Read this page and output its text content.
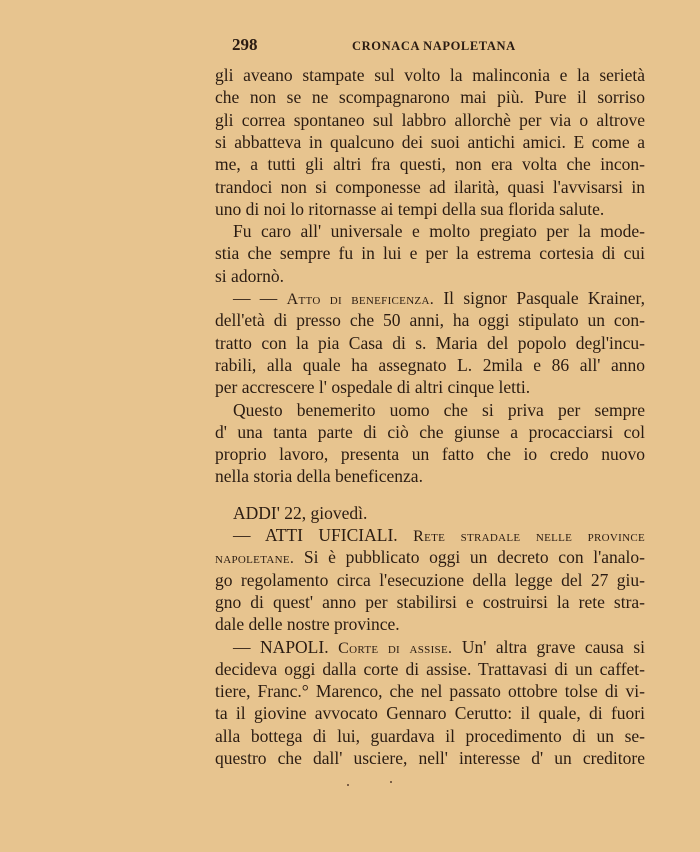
298	CRONACA NAPOLETANA
gli aveano stampate sul volto la malinconia e la serietà
che non se ne scompagnarono mai più. Pure il sorriso
gli correa spontaneo sul labbro allorchè per via o altrove
si abbatteva in qualcuno dei suoi antichi amici. E come a
me, a tutti gli altri fra questi, non era volta che incon-
trandoci non si componesse ad ilarità, quasi l'avvisarsi in
uno di noi lo ritornasse ai tempi della sua florida salute.
Fu caro all' universale e molto pregiato per la mode-
stia che sempre fu in lui e per la estrema cortesia di cui
si adornò.
— — Atto di beneficenza. Il signor Pasquale Krainer,
dell'età di presso che 50 anni, ha oggi stipulato un con-
tratto con la pia Casa di s. Maria del popolo degl'incu-
rabili, alla quale ha assegnato L. 2mila e 86 all' anno
per accrescere l' ospedale di altri cinque letti.
Questo benemerito uomo che si priva per sempre
d' una tanta parte di ciò che giunse a procacciarsi col
proprio lavoro, presenta un fatto che io credo nuovo
nella storia della beneficenza.
ADDI' 22, giovedì.
— ATTI UFICIALI. Rete stradale nelle province
napoletane. Si è pubblicato oggi un decreto con l'analo-
go regolamento circa l'esecuzione della legge del 27 giu-
gno di quest' anno per stabilirsi e costruirsi la rete stra-
dale delle nostre province.
— NAPOLI. Corte di assise. Un' altra grave causa si
decideva oggi dalla corte di assise. Trattavasi di un caffet-
tiere, Franc.° Marenco, che nel passato ottobre tolse di vi-
ta il giovine avvocato Gennaro Cerutto: il quale, di fuori
alla bottega di lui, guardava il procedimento di un se-
questro che dall' usciere, nell' interesse d' un creditore
